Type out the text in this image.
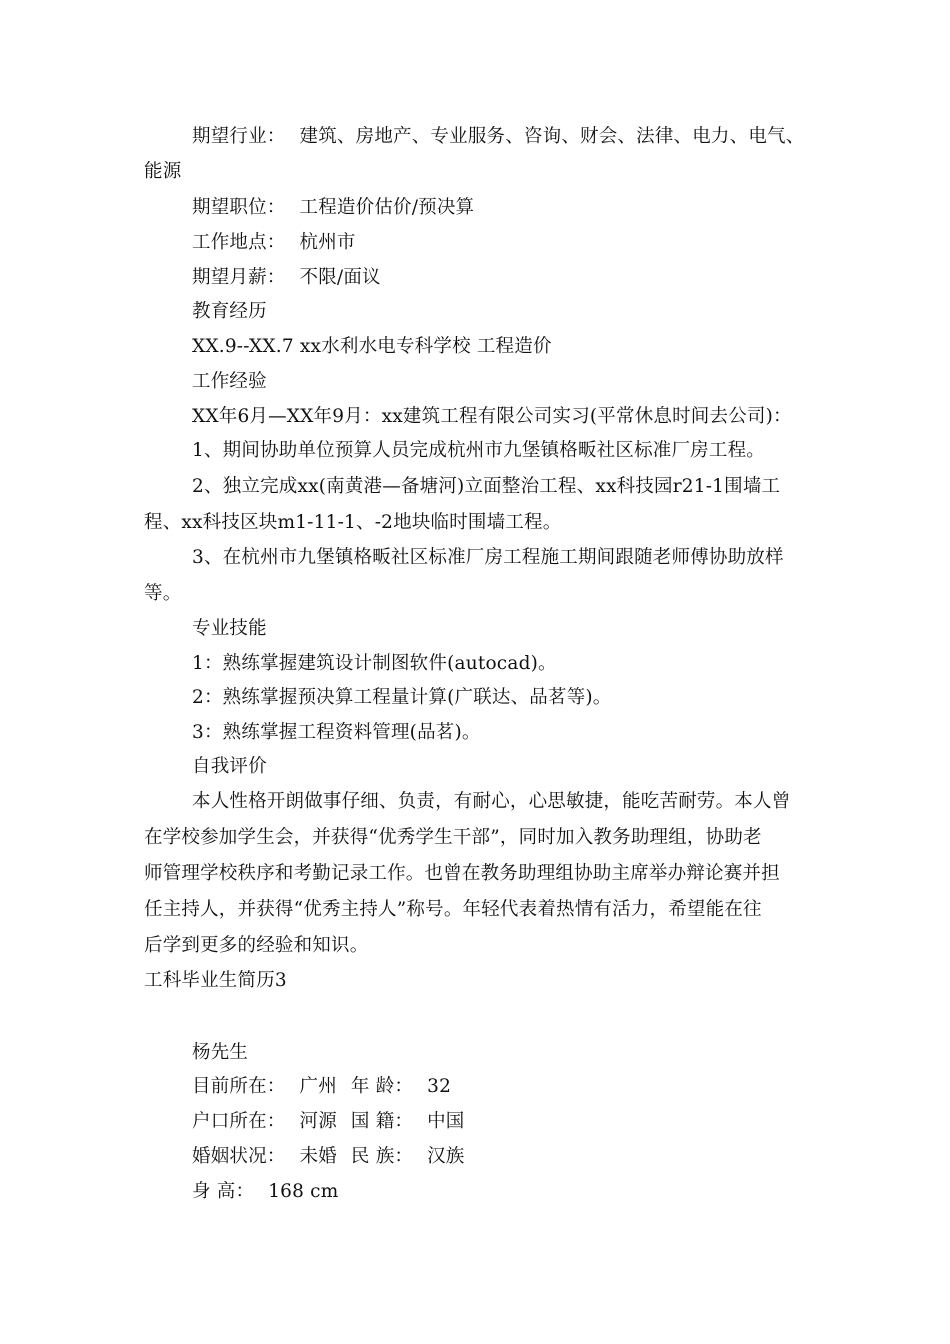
期望行业： 建筑、房地产、专业服务、咨询、财会、法律、电力、电气、
能源
期望职位： 工程造价估价/预决算
工作地点： 杭州市
期望月薪： 不限/面议
教育经历
XX.9--XX.7 xx水利水电专科学校 工程造价
工作经验
XX年6月—XX年9月：xx建筑工程有限公司实习(平常休息时间去公司)：
1、期间协助单位预算人员完成杭州市九堡镇格畈社区标准厂房工程。
2、独立完成xx(南黄港—备塘河)立面整治工程、xx科技园r21-1围墙工
程、xx科技区块m1-11-1、-2地块临时围墙工程。
3、在杭州市九堡镇格畈社区标准厂房工程施工期间跟随老师傅协助放样
等。
专业技能
1：熟练掌握建筑设计制图软件(autocad)。
2：熟练掌握预决算工程量计算(广联达、品茗等)。
3：熟练掌握工程资料管理(品茗)。
自我评价
本人性格开朗做事仔细、负责，有耐心，心思敏捷，能吃苦耐劳。本人曾
在学校参加学生会，并获得“优秀学生干部”，同时加入教务助理组，协助老
师管理学校秩序和考勤记录工作。也曾在教务助理组协助主席举办辩论赛并担
任主持人，并获得“优秀主持人”称号。年轻代表着热情有活力，希望能在往
后学到更多的经验和知识。
工科毕业生简历3
杨先生
目前所在： 广州 年 龄： 32
户口所在： 河源 国 籍： 中国
婚姻状况： 未婚 民 族： 汉族
身 高： 168 cm
